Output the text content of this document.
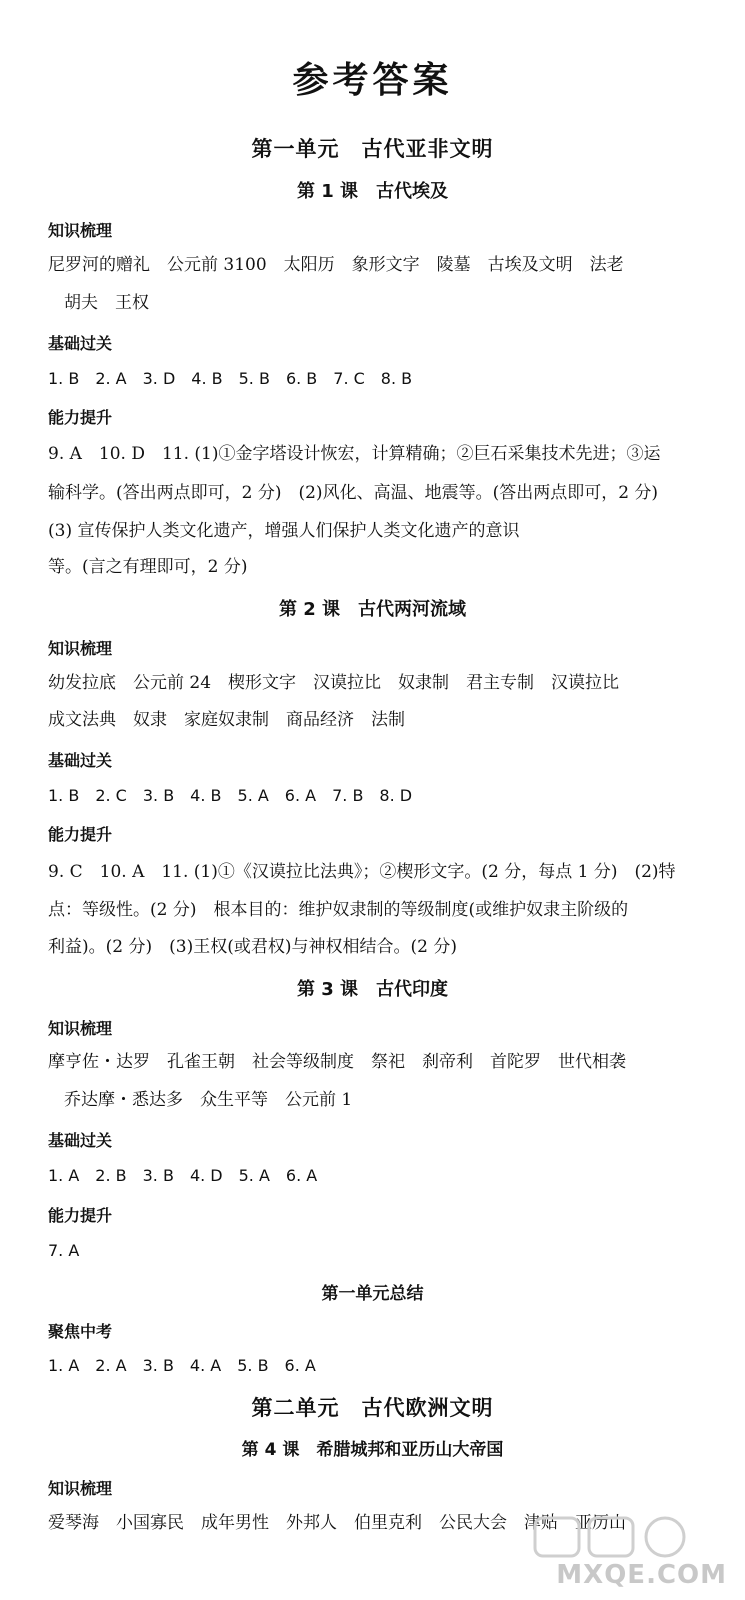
参考答案
第一单元　古代亚非文明
第 1 课　古代埃及
知识梳理
尼罗河的赠礼　公元前 3100　太阳历　象形文字　陵墓　古埃及文明　法老
胡夫　王权
基础过关
1. B　2. A　3. D　4. B　5. B　6. B　7. C　8. B
能力提升
9. A　10. D　11. (1)①金字塔设计恢宏，计算精确；②巨石采集技术先进；③运
输科学。(答出两点即可，2 分)　(2)风化、高温、地震等。(答出两点即可，2 分)
(3) 宣传保护人类文化遗产，增强人们保护人类文化遗产的意识
等。(言之有理即可，2 分)
第 2 课　古代两河流域
知识梳理
幼发拉底　公元前 24　楔形文字　汉谟拉比　奴隶制　君主专制　汉谟拉比
成文法典　奴隶　家庭奴隶制　商品经济　法制
基础过关
1. B　2. C　3. B　4. B　5. A　6. A　7. B　8. D
能力提升
9. C　10. A　11. (1)①《汉谟拉比法典》；②楔形文字。(2 分，每点 1 分)　(2)特
点：等级性。(2 分)　根本目的：维护奴隶制的等级制度(或维护奴隶主阶级的
利益)。(2 分)　(3)王权(或君权)与神权相结合。(2 分)
第 3 课　古代印度
知识梳理
摩亨佐・达罗　孔雀王朝　社会等级制度　祭祀　刹帝利　首陀罗　世代相袭
乔达摩・悉达多　众生平等　公元前 1
基础过关
1. A　2. B　3. B　4. D　5. A　6. A
能力提升
7. A
第一单元总结
聚焦中考
1. A　2. A　3. B　4. A　5. B　6. A
第二单元　古代欧洲文明
第 4 课　希腊城邦和亚历山大帝国
知识梳理
爱琴海　小国寡民　成年男性　外邦人　伯里克利　公民大会　津贴　亚历山
MXQE.COM
